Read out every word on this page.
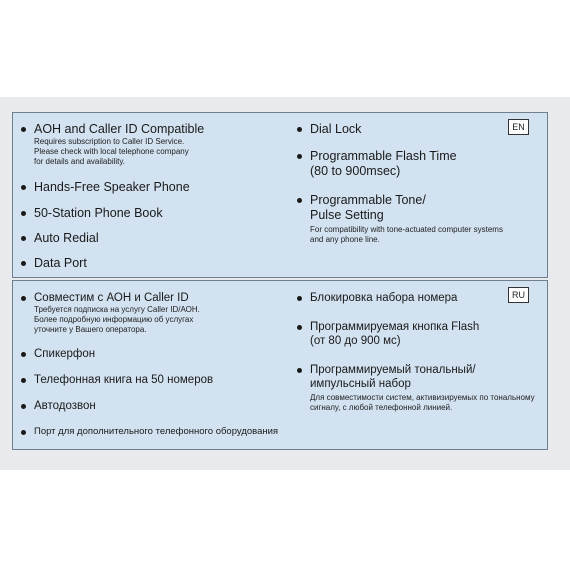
EN
AOH and Caller ID Compatible
Requires subscription to Caller ID Service.
Please check with local telephone company
for details and availability.
Hands-Free Speaker Phone
50-Station Phone Book
Auto Redial
Data Port
Dial Lock
Programmable Flash Time
(80 to 900msec)
Programmable Tone/
Pulse Setting
For compatibility with tone-actuated computer systems
and any phone line.
RU
Совместим с АОН и Caller ID
Требуется подписка на услугу Caller ID/АОН.
Более подробную информацию об услугах
уточните у Вашего оператора.
Спикерфон
Телефонная книга на 50 номеров
Автодозвон
Порт для дополнительного телефонного оборудования
Блокировка набора номера
Программируемая кнопка Flash
(от 80 до 900 мс)
Программируемый тональный/
импульсный набор
Для совместимости систем, активизируемых по тональному
сигналу, с любой телефонной линией.
